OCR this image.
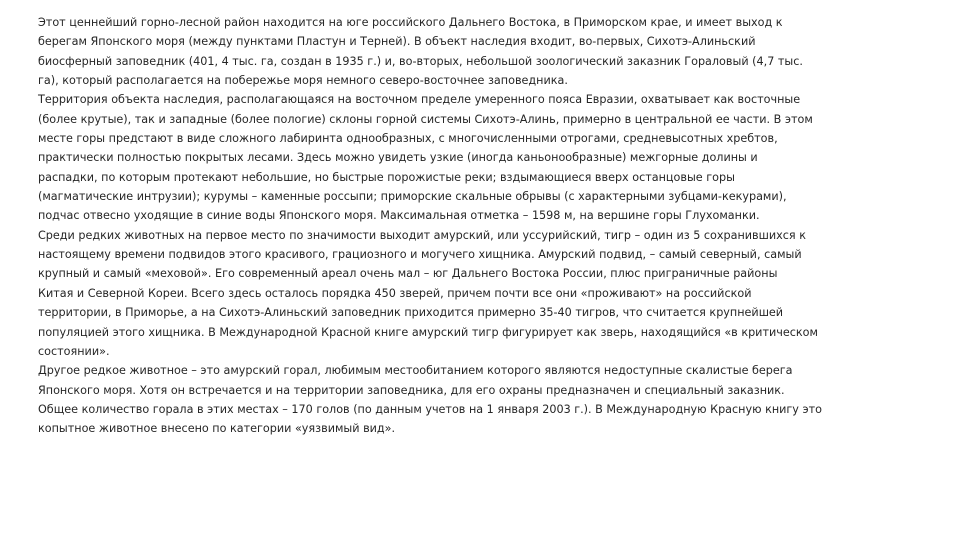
Этот ценнейший горно-лесной район находится на юге российского Дальнего Востока, в Приморском крае, и имеет выход к
берегам Японского моря (между пунктами Пластун и Терней). В объект наследия входит, во-первых, Сихотэ-Алиньский
биосферный заповедник (401, 4 тыс. га, создан в 1935 г.) и, во-вторых, небольшой зоологический заказник Гораловый (4,7 тыс.
га), который располагается на побережье моря немного северо-восточнее заповедника.
Территория объекта наследия, располагающаяся на восточном пределе умеренного пояса Евразии, охватывает как восточные
(более крутые), так и западные (более пологие) склоны горной системы Сихотэ-Алинь, примерно в центральной ее части. В этом
месте горы предстают в виде сложного лабиринта однообразных, с многочисленными отрогами, средневысотных хребтов,
практически полностью покрытых лесами. Здесь можно увидеть узкие (иногда каньонообразные) межгорные долины и
распадки, по которым протекают небольшие, но быстрые порожистые реки; вздымающиеся вверх останцовые горы
(магматические интрузии); курумы – каменные россыпи; приморские скальные обрывы (с характерными зубцами-кекурами),
подчас отвесно уходящие в синие воды Японского моря. Максимальная отметка – 1598 м, на вершине горы Глухоманки.
Среди редких животных на первое место по значимости выходит амурский, или уссурийский, тигр – один из 5 сохранившихся к
настоящему времени подвидов этого красивого, грациозного и могучего хищника. Амурский подвид, – самый северный, самый
крупный и самый «меховой». Его современный ареал очень мал – юг Дальнего Востока России, плюс приграничные районы
Китая и Северной Кореи. Всего здесь осталось порядка 450 зверей, причем почти все они «проживают» на российской
территории, в Приморье, а на Сихотэ-Алиньский заповедник приходится примерно 35-40 тигров, что считается крупнейшей
популяцией этого хищника. В Международной Красной книге амурский тигр фигурирует как зверь, находящийся «в критическом
состоянии».
Другое редкое животное – это амурский горал, любимым местообитанием которого являются недоступные скалистые берега
Японского моря. Хотя он встречается и на территории заповедника, для его охраны предназначен и специальный заказник.
Общее количество горала в этих местах – 170 голов (по данным учетов на 1 января 2003 г.). В Международную Красную книгу это
копытное животное внесено по категории «уязвимый вид».
